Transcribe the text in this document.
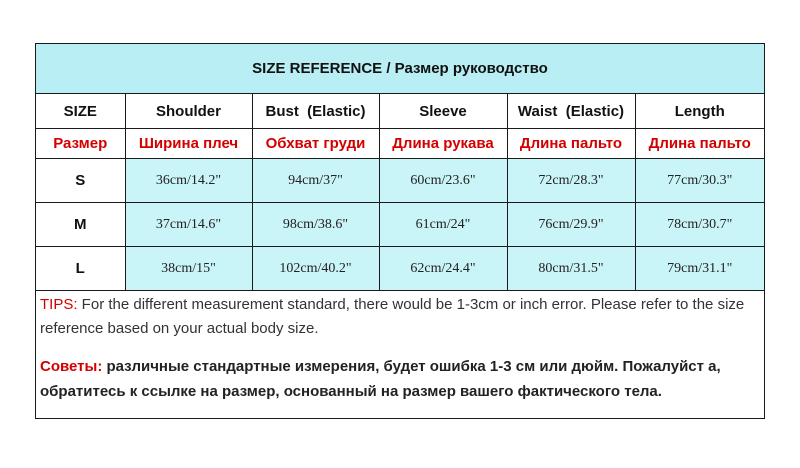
SIZE REFERENCE / Размер руководство
SIZE	Shoulder	Bust  (Elastic)	Sleeve	Waist  (Elastic)	Length
Размер	Ширина плеч	Обхват груди	Длина рукава	Длина пальто	Длина пальто
S	36cm/14.2"	94cm/37"	60cm/23.6"	72cm/28.3"	77cm/30.3"
M	37cm/14.6"	98cm/38.6"	61cm/24"	76cm/29.9"	78cm/30.7"
L	38cm/15"	102cm/40.2"	62cm/24.4"	80cm/31.5"	79cm/31.1"
TIPS: For the different measurement standard, there would be 1-3cm or inch error. Please refer to the size reference based on your actual body size.
Советы: различные стандартные измерения, будет ошибка 1-3 см или дюйм. Пожалуйст а, обратитесь к ссылке на размер, основанный на размер вашего фактического тела.
